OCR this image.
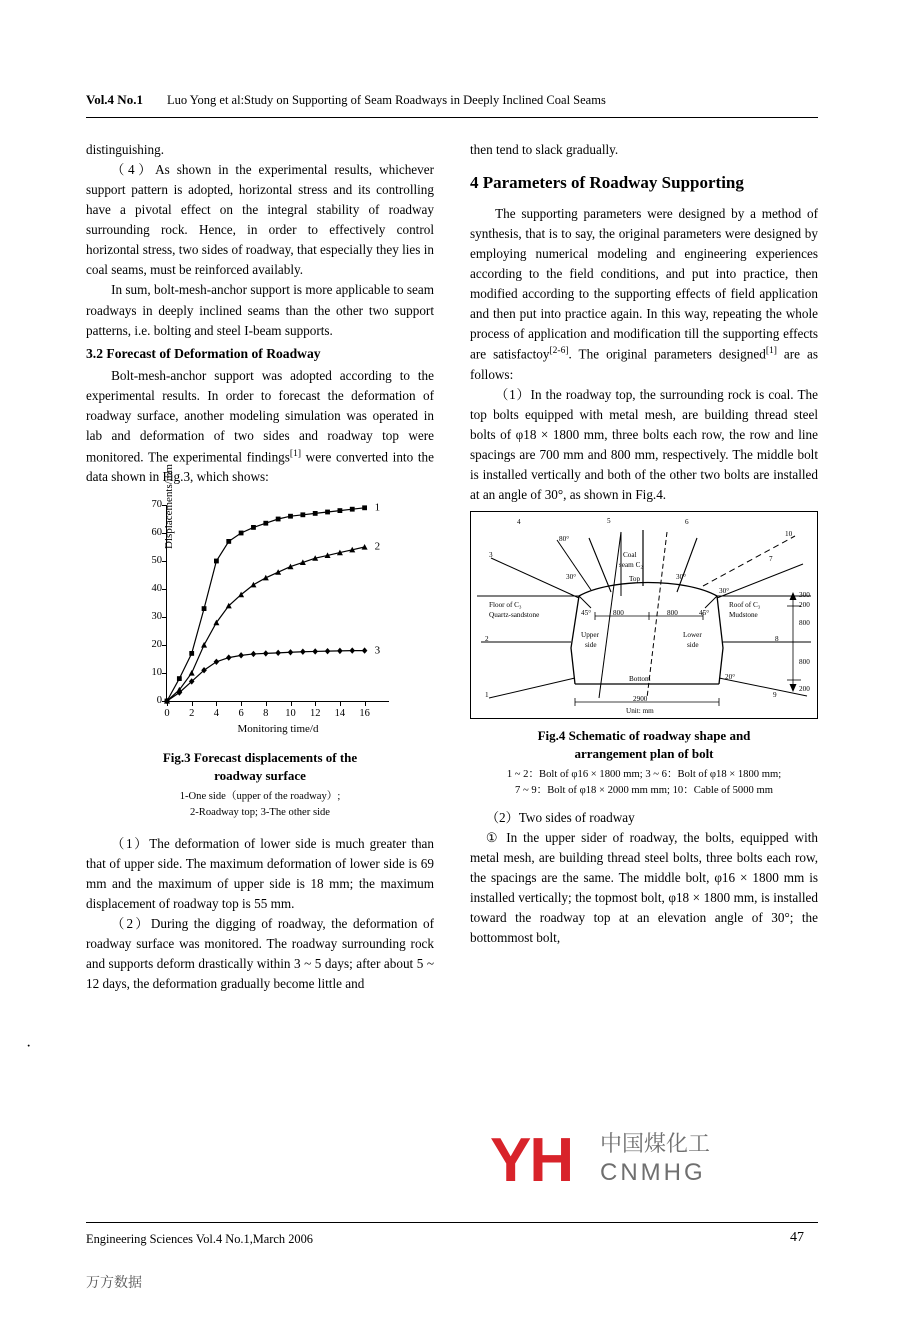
Vol.4 No.1 Luo Yong et al:Study on Supporting of Seam Roadways in Deeply Inclined Coal Seams
·

distinguishing.

（4）As shown in the experimental results, whichever support pattern is adopted, horizontal stress and its controlling have a pivotal effect on the integral stability of roadway surrounding rock. Hence, in order to effectively control horizontal stress, two sides of roadway, that especially they lies in coal seams, must be reinforced availably.

In sum, bolt-mesh-anchor support is more applicable to seam roadways in deeply inclined seams than the other two support patterns, i.e. bolting and steel I-beam supports.

3.2 Forecast of Deformation of Roadway

Bolt-mesh-anchor support was adopted according to the experimental results. In order to forecast the deformation of roadway surface, another modeling simulation was operated in lab and deformation of two sides and roadway top were monitored. The experimental findings[1] were converted into the data shown in Fig.3, which shows:

Displacements/mm
0
10
20
30
40
50
60
70
0 2 4 6 8 10 12 14 16
Monitoring time/d
1
2
3
Fig.3 Forecast displacements of the
roadway surface
1-One side（upper of the roadway）;
2-Roadway top; 3-The other side

（1）The deformation of lower side is much greater than that of upper side. The maximum deformation of lower side is 69 mm and the maximum of upper side is 18 mm; the maximum displacement of roadway top is 55 mm.

（2）During the digging of roadway, the deformation of roadway surface was monitored. The roadway surrounding rock and supports deform drastically within 3 ~ 5 days; after about 5 ~ 12 days, the deformation gradually become little and

then tend to slack gradually.

4 Parameters of Roadway Supporting

The supporting parameters were designed by a method of synthesis, that is to say, the original parameters were designed by employing numerical modeling and engineering experiences according to the field conditions, and put into practice, then modified according to the supporting effects of field application and then put into practice again. In this way, repeating the whole process of application and modification till the supporting effects are satisfactoy[2-6]. The original parameters designed[1] are as follows:

（1）In the roadway top, the surrounding rock is coal. The top bolts equipped with metal mesh, are building thread steel bolts of φ18 × 1800 mm, three bolts each row, the row and line spacings are 700 mm and 800 mm, respectively. The middle bolt is installed vertically and both of the other two bolts are installed at an angle of 30°, as shown in Fig.4.

4	5	6
10
7
3
2
1
8
9
80°
30°	30°
30°
45°	45°
20°
Coal
seam C₂
Top
Floor of C₃
Quartz-sandstone
Roof of C₃
Mudstone
Upper
side
Lower
side
Bottom
800	800
300
200
800
800
200
2900
Unit: mm
Fig.4 Schematic of roadway shape and
arrangement plan of bolt
1 ~ 2：Bolt of φ16 × 1800 mm; 3 ~ 6：Bolt of φ18 × 1800 mm;
7 ~ 9：Bolt of φ18 × 2000 mm mm; 10：Cable of 5000 mm

（2）Two sides of roadway

① In the upper sider of roadway, the bolts, equipped with metal mesh, are building thread steel bolts, three bolts each row, the spacings are the same. The middle bolt, φ16 × 1800 mm is installed vertically; the topmost bolt, φ18 × 1800 mm, is installed toward the roadway top at an elevation angle of 30°; the bottommost bolt,

YH 中国煤化工
CNMHG
Engineering Sciences Vol.4 No.1,March 2006	47
万方数据
